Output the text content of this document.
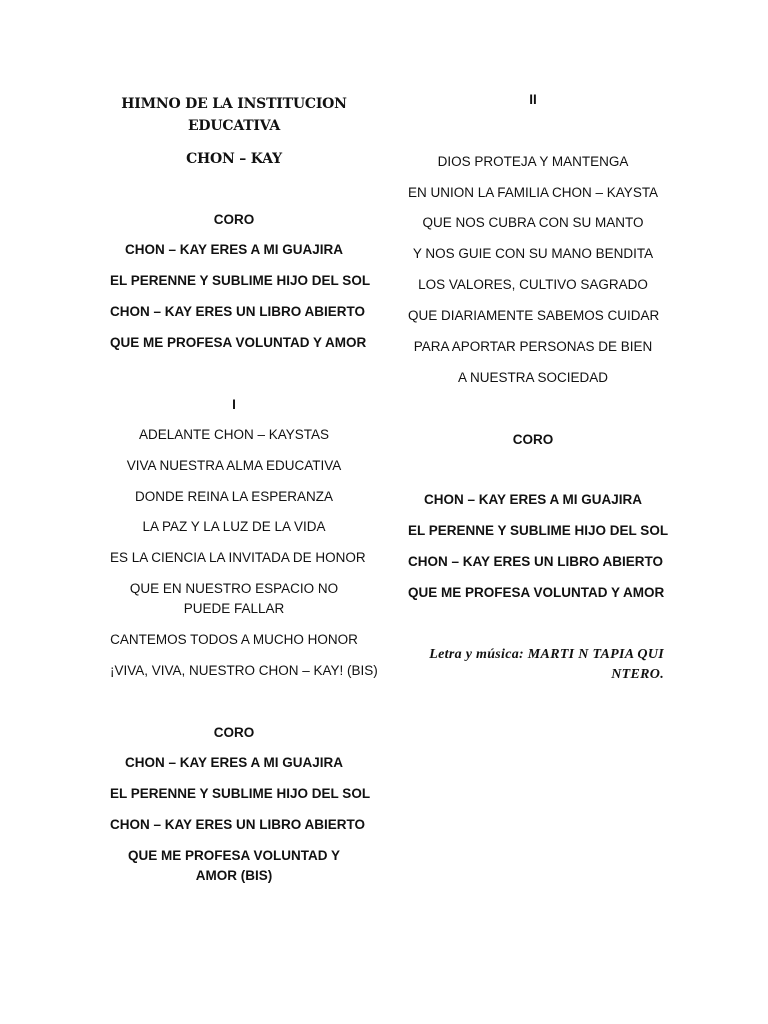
HIMNO DE LA INSTITUCION
EDUCATIVA
CHON – KAY
CORO
CHON – KAY ERES A MI GUAJIRA
EL PERENNE Y SUBLIME HIJO DEL SOL
CHON – KAY ERES UN LIBRO ABIERTO
QUE ME PROFESA VOLUNTAD Y AMOR
I
ADELANTE CHON – KAYSTAS
VIVA NUESTRA ALMA EDUCATIVA
DONDE REINA LA ESPERANZA
LA PAZ Y LA LUZ DE LA VIDA
ES LA CIENCIA LA INVITADA DE HONOR
QUE EN NUESTRO ESPACIO NO PUEDE FALLAR
CANTEMOS TODOS A MUCHO HONOR
¡VIVA, VIVA, NUESTRO CHON – KAY! (BIS)
CORO
CHON – KAY ERES A MI GUAJIRA
EL PERENNE Y SUBLIME HIJO DEL SOL
CHON – KAY ERES UN LIBRO ABIERTO
QUE ME PROFESA VOLUNTAD Y AMOR (BIS)
II
DIOS PROTEJA Y MANTENGA
EN UNION LA FAMILIA CHON – KAYSTA
QUE NOS CUBRA CON SU MANTO
Y NOS GUIE CON SU MANO BENDITA
LOS VALORES, CULTIVO SAGRADO
QUE DIARIAMENTE SABEMOS CUIDAR
PARA APORTAR PERSONAS DE BIEN
A NUESTRA SOCIEDAD
CORO
CHON – KAY ERES A MI GUAJIRA
EL PERENNE Y SUBLIME HIJO DEL SOL
CHON – KAY ERES UN LIBRO ABIERTO
QUE ME PROFESA VOLUNTAD Y AMOR
Letra y música: MARTI N TAPIA QUI NTERO.
